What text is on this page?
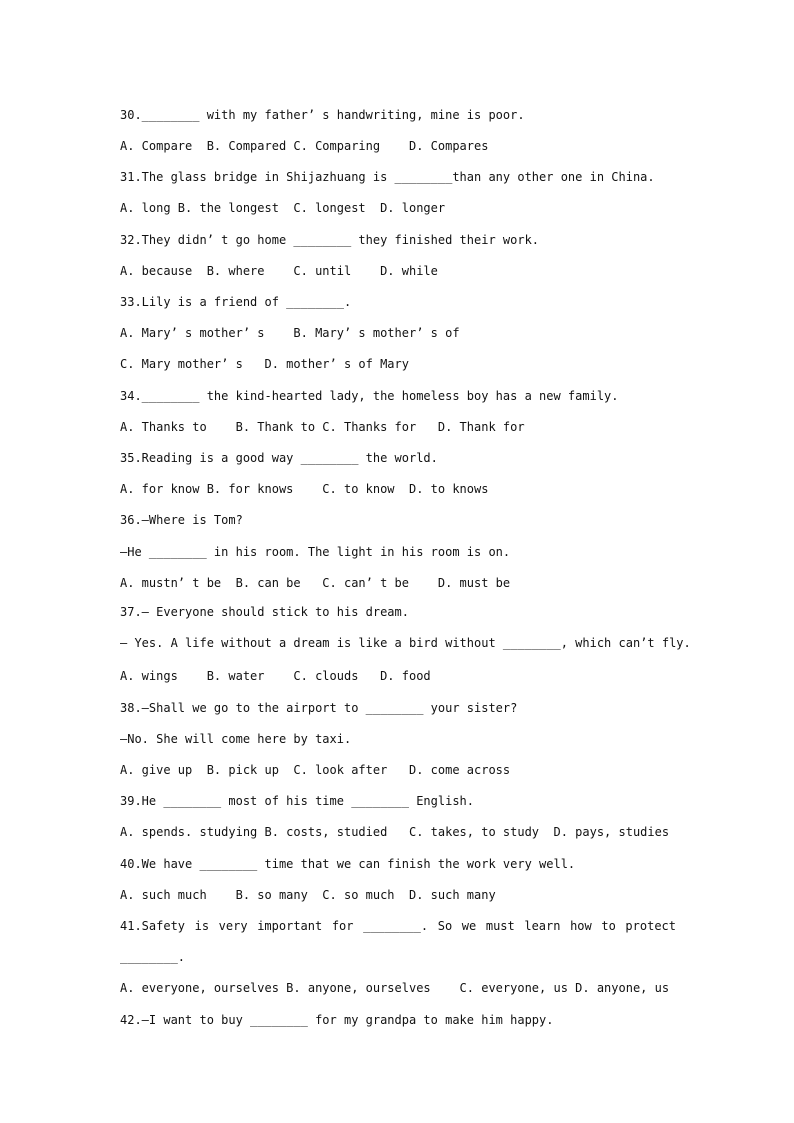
30.________ with my father’ s handwriting, mine is poor.
A. Compare  B. Compared C. Comparing    D. Compares
31.The glass bridge in Shijazhuang is ________than any other one in China.
A. long B. the longest  C. longest  D. longer
32.They didn’ t go home ________ they finished their work.
A. because  B. where    C. until    D. while
33.Lily is a friend of ________.
A. Mary’ s mother’ s    B. Mary’ s mother’ s of
C. Mary mother’ s   D. mother’ s of Mary
34.________ the kind-hearted lady, the homeless boy has a new family.
A. Thanks to    B. Thank to C. Thanks for   D. Thank for
35.Reading is a good way ________ the world.
A. for know B. for knows    C. to know  D. to knows
36.—Where is Tom?
—He ________ in his room. The light in his room is on.
A. mustn’ t be  B. can be   C. can’ t be    D. must be
37.— Everyone should stick to his dream.
— Yes. A life without a dream is like a bird without ________, which can’t fly.
A. wings    B. water    C. clouds   D. food
38.—Shall we go to the airport to ________ your sister?
—No. She will come here by taxi.
A. give up  B. pick up  C. look after   D. come across
39.He ________ most of his time ________ English.
A. spends. studying B. costs, studied   C. takes, to study  D. pays, studies
40.We have ________ time that we can finish the work very well.
A. such much    B. so many  C. so much  D. such many
41.Safety is very important for ________. So we must learn how to protect
________.
A. everyone, ourselves B. anyone, ourselves    C. everyone, us D. anyone, us
42.—I want to buy ________ for my grandpa to make him happy.
